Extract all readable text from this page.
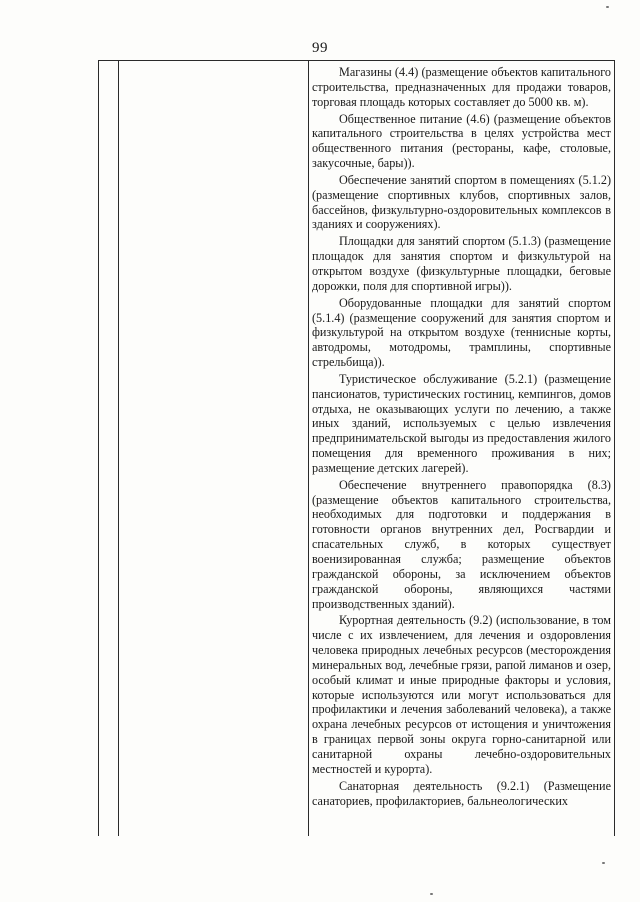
99

Магазины (4.4) (размещение объектов капитального строительства, предназначенных для продажи товаров, торговая площадь которых составляет до 5000 кв. м).

Общественное питание (4.6) (размещение объектов капитального строительства в целях устройства мест общественного питания (рестораны, кафе, столовые, закусочные, бары)).

Обеспечение занятий спортом в помещениях (5.1.2) (размещение спортивных клубов, спортивных залов, бассейнов, физкультурно-оздоровительных комплексов в зданиях и сооружениях).

Площадки для занятий спортом (5.1.3) (размещение площадок для занятия спортом и физкультурой на открытом воздухе (физкультурные площадки, беговые дорожки, поля для спортивной игры)).

Оборудованные площадки для занятий спортом (5.1.4) (размещение сооружений для занятия спортом и физкультурой на открытом воздухе (теннисные корты, автодромы, мотодромы, трамплины, спортивные стрельбища)).

Туристическое обслуживание (5.2.1) (размещение пансионатов, туристических гостиниц, кемпингов, домов отдыха, не оказывающих услуги по лечению, а также иных зданий, используемых с целью извлечения предпринимательской выгоды из предоставления жилого помещения для временного проживания в них; размещение детских лагерей).

Обеспечение внутреннего правопорядка (8.3) (размещение объектов капитального строительства, необходимых для подготовки и поддержания в готовности органов внутренних дел, Росгвардии и спасательных служб, в которых существует военизированная служба; размещение объектов гражданской обороны, за исключением объектов гражданской обороны, являющихся частями производственных зданий).

Курортная деятельность (9.2) (использование, в том числе с их извлечением, для лечения и оздоровления человека природных лечебных ресурсов (месторождения минеральных вод, лечебные грязи, рапой лиманов и озер, особый климат и иные природные факторы и условия, которые используются или могут использоваться для профилактики и лечения заболеваний человека), а также охрана лечебных ресурсов от истощения и уничтожения в границах первой зоны округа горно-санитарной или санитарной охраны лечебно-оздоровительных местностей и курорта).

Санаторная деятельность (9.2.1) (Размещение санаториев, профилакториев, бальнеологических
